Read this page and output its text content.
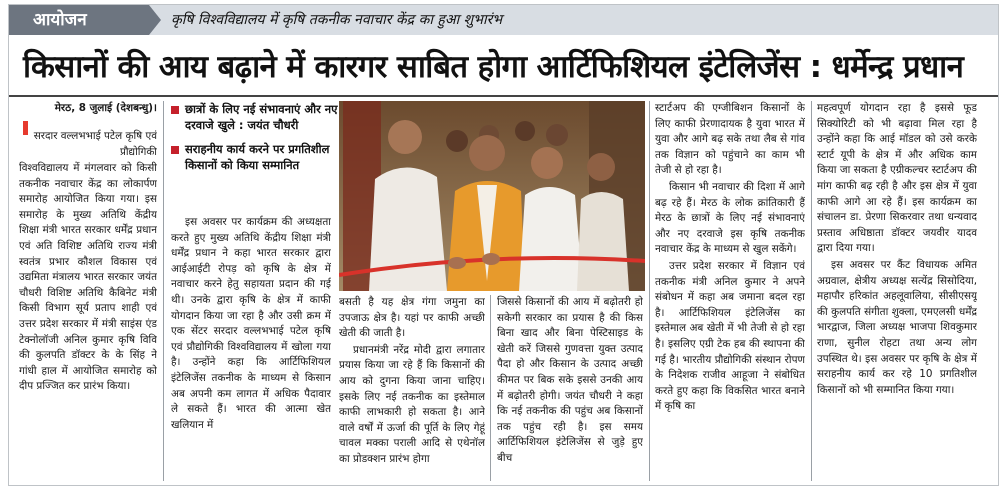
आयोजन	कृषि विश्वविद्यालय में कृषि तकनीक नवाचार केंद्र का हुआ शुभारंभ
किसानों की आय बढ़ाने में कारगर साबित होगा आर्टिफिशियल इंटेलिजेंस : धर्मेन्द्र प्रधान
मेरठ, 8 जुलाई (देशबन्धु)।
सरदार वल्लभभाई पटेल कृषि एवं प्रौद्योगिकी

विश्वविद्यालय में मंगलवार को किसी तकनीक नवाचार केंद्र का लोकार्पण समारोह आयोजित किया गया। इस समारोह के मुख्य अतिथि केंद्रीय शिक्षा मंत्री भारत सरकार धर्मेंद्र प्रधान एवं अति विशिष्ट अतिथि राज्य मंत्री स्वतंत्र प्रभार कौशल विकास एवं उद्यमिता मंत्रालय भारत सरकार जयंत चौधरी विशिष्ट अतिथि कैबिनेट मंत्री किसी विभाग सूर्य प्रताप शाही एवं उत्तर प्रदेश सरकार में मंत्री साइंस एंड टेक्नोलॉजी अनिल कुमार कृषि विवि की कुलपति डॉक्टर के के सिंह ने गांधी हाल में आयोजित समारोह को दीप प्रज्जित कर प्रारंभ किया।

छात्रों के लिए नई संभावनाएं और नए दरवाजे खुले : जयंत चौधरी
सराहनीय कार्य करने पर प्रगतिशील किसानों को किया सम्मानित

इस अवसर पर कार्यक्रम की अध्यक्षता करते हुए मुख्य अतिथि केंद्रीय शिक्षा मंत्री धर्मेंद्र प्रधान ने कहा भारत सरकार द्वारा आईआईटी रोपड़ को कृषि के क्षेत्र में नवाचार करने हेतु सहायता प्रदान की गई थी। उनके द्वारा कृषि के क्षेत्र में काफी योगदान किया जा रहा है और उसी क्रम में एक सेंटर सरदार वल्लभभाई पटेल कृषि एवं प्रौद्योगिकी विश्वविद्यालय में खोला गया है। उन्होंने कहा कि आर्टिफिशियल इंटेलिजेंस तकनीक के माध्यम से किसान अब अपनी कम लागत में अधिक पैदावार ले सकते हैं। भारत की आत्मा खेत खलियान में

बसती है यह क्षेत्र गंगा जमुना का उपजाऊ क्षेत्र है। यहां पर काफी अच्छी खेती की जाती है।

प्रधानमंत्री नरेंद्र मोदी द्वारा लगातार प्रयास किया जा रहे हैं कि किसानों की आय को दुगना किया जाना चाहिए। इसके लिए नई तकनीक का इस्तेमाल काफी लाभकारी हो सकता है। आने वाले वर्षों में ऊर्जा की पूर्ति के लिए गेहूं चावल मक्का पराली आदि से एथेनॉल का प्रोडक्शन प्रारंभ होगा

जिससे किसानों की आय में बढ़ोतरी हो सकेगी सरकार का प्रयास है की किस बिना खाद और बिना पेस्टिसाइड के खेती करें जिससे गुणवत्ता युक्त उत्पाद पैदा हो और किसान के उत्पाद अच्छी कीमत पर बिक सके इससे उनकी आय में बढ़ोतरी होगी। जयंत चौधरी ने कहा कि नई तकनीक की पहुंच अब किसानों तक पहुंच रही है। इस समय आर्टिफिशियल इंटेलिजेंस से जुड़े हुए बीच

स्टार्टअप की एग्जीबिशन किसानों के लिए काफी प्रेरणादायक है युवा भारत में युवा और आगे बढ़ सके तथा लैब से गांव तक विज्ञान को पहुंचाने का काम भी तेजी से हो रहा है।

किसान भी नवाचार की दिशा में आगे बढ़ रहे हैं। मेरठ के लोक क्रांतिकारी हैं मेरठ के छात्रों के लिए नई संभावनाएं और नए दरवाजे इस कृषि तकनीक नवाचार केंद्र के माध्यम से खुल सकेंगे।

उत्तर प्रदेश सरकार में विज्ञान एवं तकनीक मंत्री अनिल कुमार ने अपने संबोधन में कहा अब जमाना बदल रहा है। आर्टिफिशियल इंटेलिजेंस का इस्तेमाल अब खेती में भी तेजी से हो रहा है। इसलिए एग्री टेक हब की स्थापना की गई है। भारतीय प्रौद्योगिकी संस्थान रोपण के निदेशक राजीव आहूजा ने संबोधित करते हुए कहा कि विकसित भारत बनाने में कृषि का

महत्वपूर्ण योगदान रहा है इससे फूड सिक्योरिटी को भी बढ़ावा मिल रहा है उन्होंने कहा कि आई मॉडल को उसे करके स्टार्ट यूपी के क्षेत्र में और अधिक काम किया जा सकता है एग्रीकल्चर स्टार्टअप की मांग काफी बढ़ रही है और इस क्षेत्र में युवा काफी आगे आ रहे हैं। इस कार्यक्रम का संचालन डा. प्रेरणा सिकरवार तथा धन्यवाद प्रस्ताव अधिष्ठाता डॉक्टर जयवीर यादव द्वारा दिया गया।

इस अवसर पर कैंट विधायक अमित अग्रवाल, क्षेत्रीय अध्यक्ष सत्येंद्र सिसोदिया, महापौर हरिकांत अहलूवालिया, सीसीएसयू की कुलपति संगीता शुक्ला, एमएलसी धर्मेंद्र भारद्वाज, जिला अध्यक्ष भाजपा शिवकुमार राणा, सुनील रोहटा तथा अन्य लोग उपस्थित थे। इस अवसर पर कृषि के क्षेत्र में सराहनीय कार्य कर रहे 10 प्रगतिशील किसानों को भी सम्मानित किया गया।
